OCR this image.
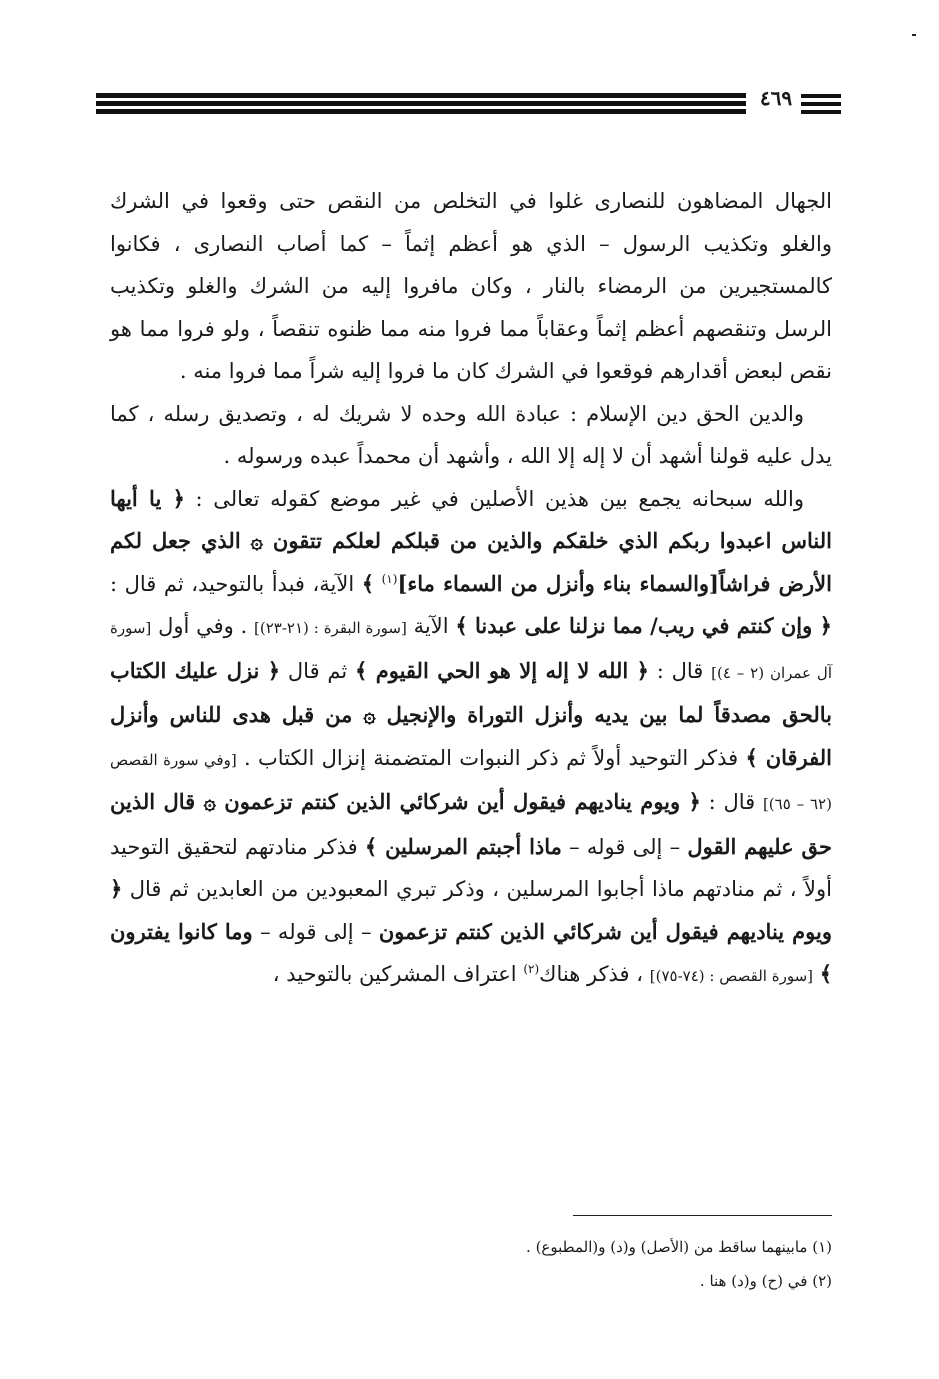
٤٦٩

الجهال المضاهون للنصارى غلوا في التخلص من النقص حتى وقعوا في الشرك والغلو وتكذيب الرسول – الذي هو أعظم إثماً – كما أصاب النصارى ، فكانوا كالمستجيرين من الرمضاء بالنار ، وكان مافروا إليه من الشرك والغلو وتكذيب الرسل وتنقصهم أعظم إثماً وعقاباً مما فروا منه مما ظنوه تنقصاً ، ولو فروا مما هو نقص لبعض أقدارهم فوقعوا في الشرك كان ما فروا إليه شراً مما فروا منه .

والدين الحق دين الإسلام : عبادة الله وحده لا شريك له ، وتصديق رسله ، كما يدل عليه قولنا أشهد أن لا إله إلا الله ، وأشهد أن محمداً عبده ورسوله .

والله سبحانه يجمع بين هذين الأصلين في غير موضع كقوله تعالى : ﴿ يا أيها الناس اعبدوا ربكم الذي خلقكم والذين من قبلكم لعلكم تتقون ۞ الذي جعل لكم الأرض فراشاً[والسماء بناء وأنزل من السماء ماء]$^{(١)}$ ﴾ الآية، فبدأ بالتوحيد، ثم قال : ﴿ وإن كنتم في ريب/ مما نزلنا على عبدنا ﴾ الآية [سورة البقرة : (٢١-٢٣)] . وفي أول [سورة آل عمران (٢ – ٤)] قال : ﴿ الله لا إله إلا هو الحي القيوم ﴾ ثم قال ﴿ نزل عليك الكتاب بالحق مصدقاً لما بين يديه وأنزل التوراة والإنجيل ۞ من قبل هدى للناس وأنزل الفرقان ﴾ فذكر التوحيد أولاً ثم ذكر النبوات المتضمنة إنزال الكتاب . [وفي سورة القصص (٦٢ – ٦٥)] قال : ﴿ ويوم يناديهم فيقول أين شركائي الذين كنتم تزعمون ۞ قال الذين حق عليهم القول – إلى قوله – ماذا أجبتم المرسلين ﴾ فذكر منادتهم لتحقيق التوحيد أولاً ، ثم منادتهم ماذا أجابوا المرسلين ، وذكر تبري المعبودين من العابدين ثم قال ﴿ ويوم يناديهم فيقول أين شركائي الذين كنتم تزعمون – إلى قوله – وما كانوا يفترون ﴾ [سورة القصص : (٧٤-٧٥)] ، فذكر هناك$^{(٢)}$ اعتراف المشركين بالتوحيد ،

(١) مابينهما ساقط من (الأصل) و(د) و(المطبوع) .
(٢) في (ح) و(د) هنا .
